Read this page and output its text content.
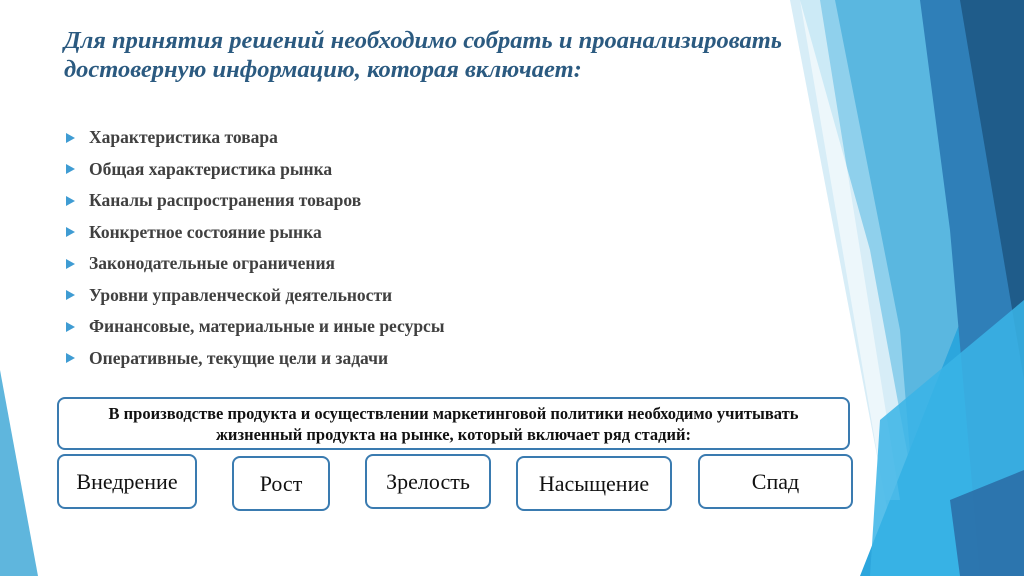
Для принятия решений необходимо собрать и проанализировать достоверную информацию, которая включает:
Характеристика товара
Общая характеристика рынка
Каналы распространения товаров
Конкретное состояние рынка
Законодательные ограничения
Уровни управленческой деятельности
Финансовые, материальные и иные ресурсы
Оперативные, текущие цели и задачи
В производстве продукта и осуществлении маркетинговой политики необходимо учитывать жизненный продукта на рынке, который включает ряд стадий:
Внедрение	Рост	Зрелость	Насыщение	Спад
